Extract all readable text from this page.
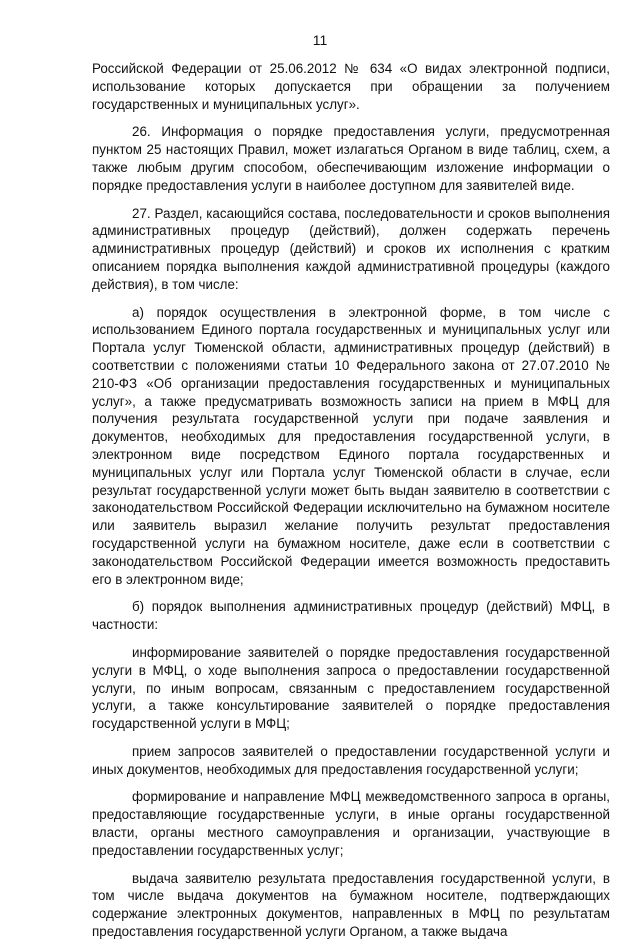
11

Российской Федерации от 25.06.2012 № 634 «О видах электронной подписи, использование которых допускается при обращении за получением государственных и муниципальных услуг».

26. Информация о порядке предоставления услуги, предусмотренная пунктом 25 настоящих Правил, может излагаться Органом в виде таблиц, схем, а также любым другим способом, обеспечивающим изложение информации о порядке предоставления услуги в наиболее доступном для заявителей виде.

27. Раздел, касающийся состава, последовательности и сроков выполнения административных процедур (действий), должен содержать перечень административных процедур (действий) и сроков их исполнения с кратким описанием порядка выполнения каждой административной процедуры (каждого действия), в том числе:

а) порядок осуществления в электронной форме, в том числе с использованием Единого портала государственных и муниципальных услуг или Портала услуг Тюменской области, административных процедур (действий) в соответствии с положениями статьи 10 Федерального закона от 27.07.2010 № 210-ФЗ «Об организации предоставления государственных и муниципальных услуг», а также предусматривать возможность записи на прием в МФЦ для получения результата государственной услуги при подаче заявления и документов, необходимых для предоставления государственной услуги, в электронном виде посредством Единого портала государственных и муниципальных услуг или Портала услуг Тюменской области в случае, если результат государственной услуги может быть выдан заявителю в соответствии с законодательством Российской Федерации исключительно на бумажном носителе или заявитель выразил желание получить результат предоставления государственной услуги на бумажном носителе, даже если в соответствии с законодательством Российской Федерации имеется возможность предоставить его в электронном виде;

б) порядок выполнения административных процедур (действий) МФЦ, в частности:

информирование заявителей о порядке предоставления государственной услуги в МФЦ, о ходе выполнения запроса о предоставлении государственной услуги, по иным вопросам, связанным с предоставлением государственной услуги, а также консультирование заявителей о порядке предоставления государственной услуги в МФЦ;

прием запросов заявителей о предоставлении государственной услуги и иных документов, необходимых для предоставления государственной услуги;

формирование и направление МФЦ межведомственного запроса в органы, предоставляющие государственные услуги, в иные органы государственной власти, органы местного самоуправления и организации, участвующие в предоставлении государственных услуг;

выдача заявителю результата предоставления государственной услуги, в том числе выдача документов на бумажном носителе, подтверждающих содержание электронных документов, направленных в МФЦ по результатам предоставления государственной услуги Органом, а также выдача
